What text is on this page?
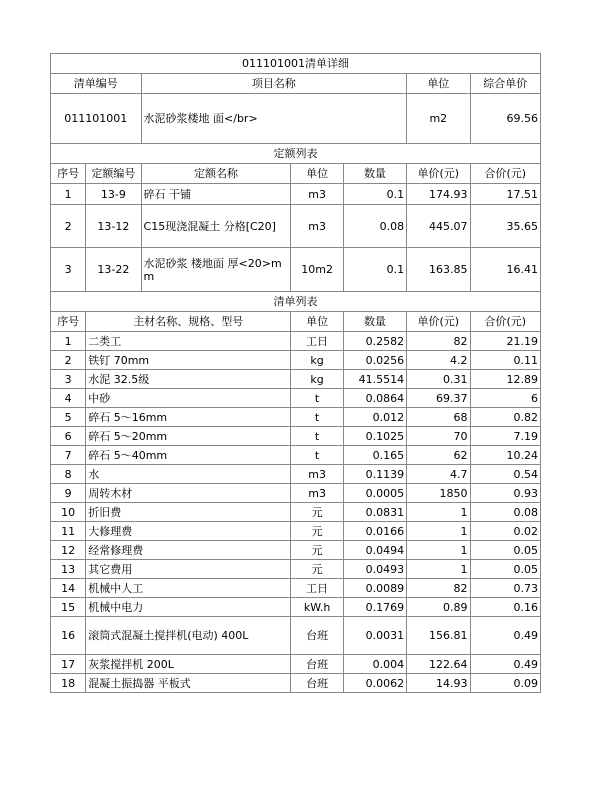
011101001清单详细						
清单编号		项目名称			单位	综合单价
011101001		水泥砂浆楼地 面</br>			m2	69.56
定额列表						
序号	定额编号	定额名称	单位	数量	单价(元)	合价(元)
1	13-9	碎石 干铺	m3	0.1	174.93	17.51
2	13-12	C15现浇混凝土 分格[C20]	m3	0.08	445.07	35.65
3	13-22	水泥砂浆 楼地面 厚<20>mm	10m2	0.1	163.85	16.41
清单列表						
序号	主材名称、规格、型号		单位	数量	单价(元)	合价(元)
1	二类工		工日	0.2582	82	21.19
2	铁钉 70mm		kg	0.0256	4.2	0.11
3	水泥 32.5级		kg	41.5514	0.31	12.89
4	中砂		t	0.0864	69.37	6
5	碎石 5～16mm		t	0.012	68	0.82
6	碎石 5～20mm		t	0.1025	70	7.19
7	碎石 5～40mm		t	0.165	62	10.24
8	水		m3	0.1139	4.7	0.54
9	周转木材		m3	0.0005	1850	0.93
10	折旧费		元	0.0831	1	0.08
11	大修理费		元	0.0166	1	0.02
12	经常修理费		元	0.0494	1	0.05
13	其它费用		元	0.0493	1	0.05
14	机械中人工		工日	0.0089	82	0.73
15	机械中电力		kW.h	0.1769	0.89	0.16
16	滚筒式混凝土搅拌机(电动) 400L		台班	0.0031	156.81	0.49
17	灰浆搅拌机 200L		台班	0.004	122.64	0.49
18	混凝土振捣器 平板式		台班	0.0062	14.93	0.09
